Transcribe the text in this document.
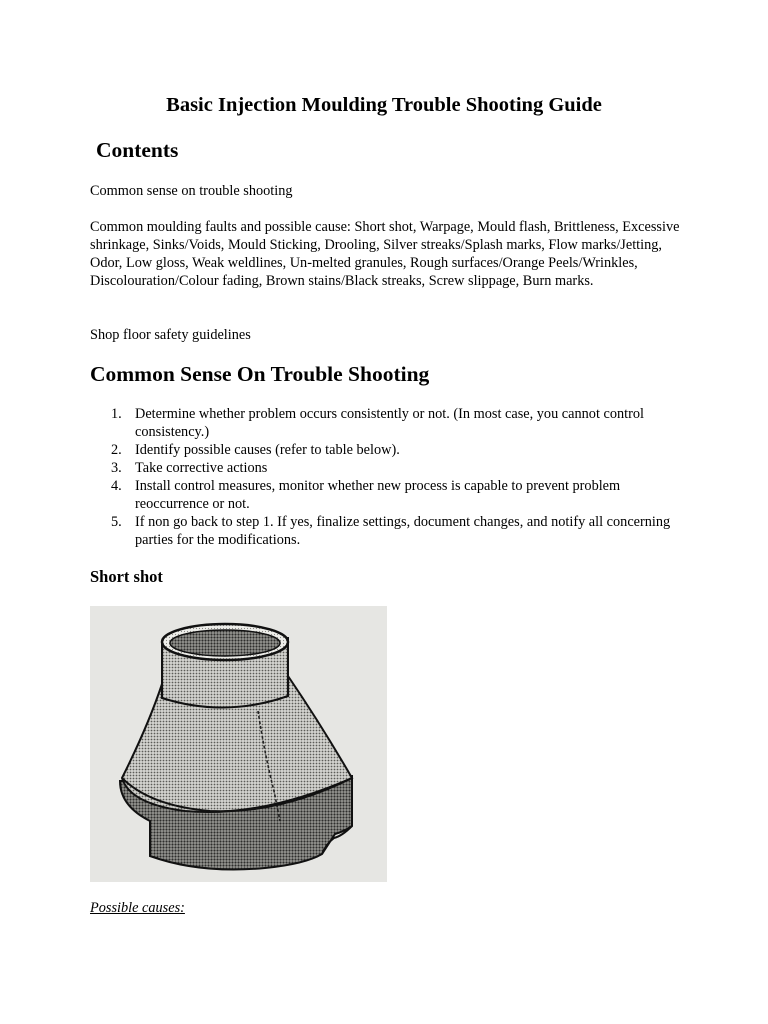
Basic Injection Moulding Trouble Shooting Guide
Contents

Common sense on trouble shooting

Common moulding faults and possible cause: Short shot, Warpage, Mould flash, Brittleness, Excessive shrinkage, Sinks/Voids, Mould Sticking, Drooling, Silver streaks/Splash marks, Flow marks/Jetting, Odor, Low gloss, Weak weldlines, Un-melted granules, Rough surfaces/Orange Peels/Wrinkles, Discolouration/Colour fading, Brown stains/Black streaks, Screw slippage, Burn marks.

Shop floor safety guidelines

Common Sense On Trouble Shooting
1. Determine whether problem occurs consistently or not. (In most case, you cannot control consistency.)
2. Identify possible causes (refer to table below).
3. Take corrective actions
4. Install control measures, monitor whether new process is capable to prevent problem reoccurrence or not.
5. If non go back to step 1. If yes, finalize settings, document changes, and notify all concerning parties for the modifications.
Short shot

Possible causes:
